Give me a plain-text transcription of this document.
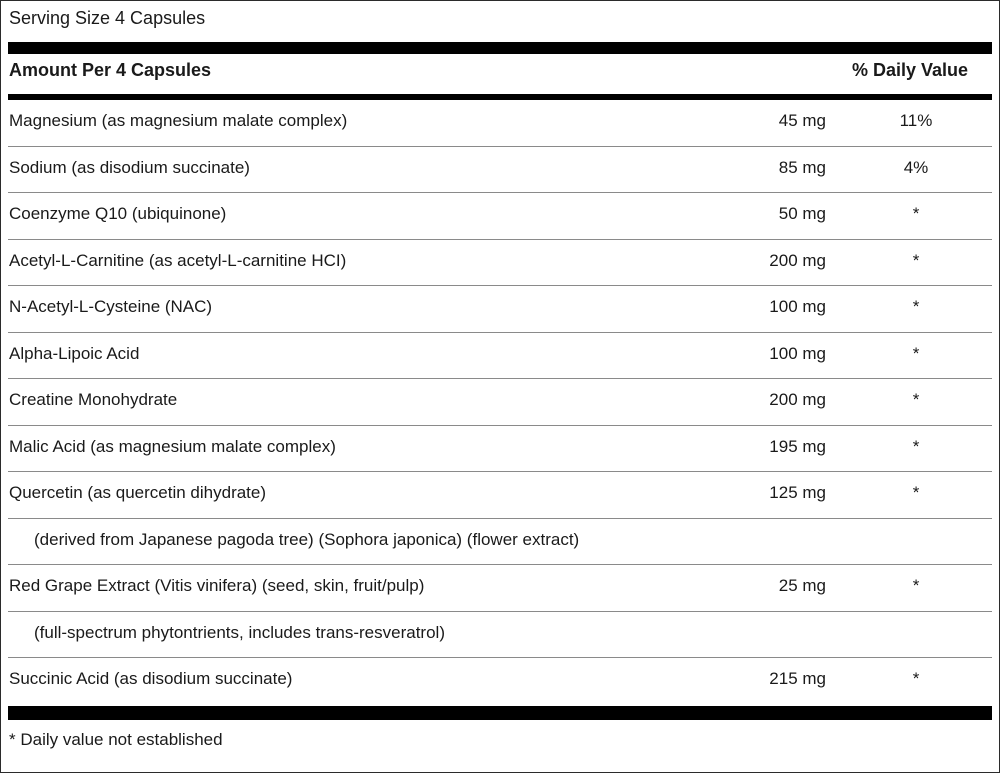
Serving Size 4 Capsules
Amount Per 4 Capsules	% Daily Value
Magnesium (as magnesium malate complex)	45 mg	11%
Sodium (as disodium succinate)	85 mg	4%
Coenzyme Q10 (ubiquinone)	50 mg	*
Acetyl-L-Carnitine (as acetyl-L-carnitine HCI)	200 mg	*
N-Acetyl-L-Cysteine (NAC)	100 mg	*
Alpha-Lipoic Acid	100 mg	*
Creatine Monohydrate	200 mg	*
Malic Acid (as magnesium malate complex)	195 mg	*
Quercetin (as quercetin dihydrate)	125 mg	*
(derived from Japanese pagoda tree) (Sophora japonica) (flower extract)
Red Grape Extract (Vitis vinifera) (seed, skin, fruit/pulp)	25 mg	*
(full-spectrum phytontrients, includes trans-resveratrol)
Succinic Acid (as disodium succinate)	215 mg	*
* Daily value not established
